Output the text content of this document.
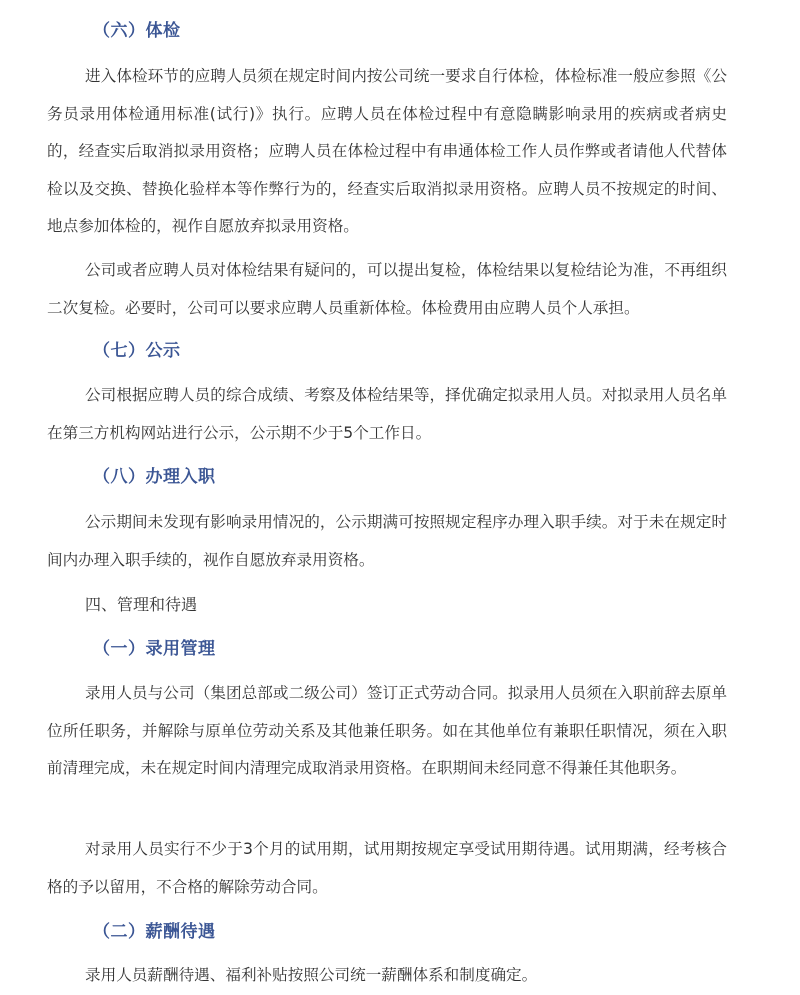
（六）体检

进入体检环节的应聘人员须在规定时间内按公司统一要求自行体检，体检标准一般应参照《公务员录用体检通用标准(试行)》执行。应聘人员在体检过程中有意隐瞒影响录用的疾病或者病史的，经查实后取消拟录用资格；应聘人员在体检过程中有串通体检工作人员作弊或者请他人代替体检以及交换、替换化验样本等作弊行为的，经查实后取消拟录用资格。应聘人员不按规定的时间、地点参加体检的，视作自愿放弃拟录用资格。

公司或者应聘人员对体检结果有疑问的，可以提出复检，体检结果以复检结论为准，不再组织二次复检。必要时，公司可以要求应聘人员重新体检。体检费用由应聘人员个人承担。

（七）公示

公司根据应聘人员的综合成绩、考察及体检结果等，择优确定拟录用人员。对拟录用人员名单在第三方机构网站进行公示，公示期不少于5个工作日。

（八）办理入职

公示期间未发现有影响录用情况的，公示期满可按照规定程序办理入职手续。对于未在规定时间内办理入职手续的，视作自愿放弃录用资格。

四、管理和待遇
（一）录用管理

录用人员与公司（集团总部或二级公司）签订正式劳动合同。拟录用人员须在入职前辞去原单位所任职务，并解除与原单位劳动关系及其他兼任职务。如在其他单位有兼职任职情况，须在入职前清理完成，未在规定时间内清理完成取消录用资格。在职期间未经同意不得兼任其他职务。

对录用人员实行不少于3个月的试用期，试用期按规定享受试用期待遇。试用期满，经考核合格的予以留用，不合格的解除劳动合同。

（二）薪酬待遇

录用人员薪酬待遇、福利补贴按照公司统一薪酬体系和制度确定。
